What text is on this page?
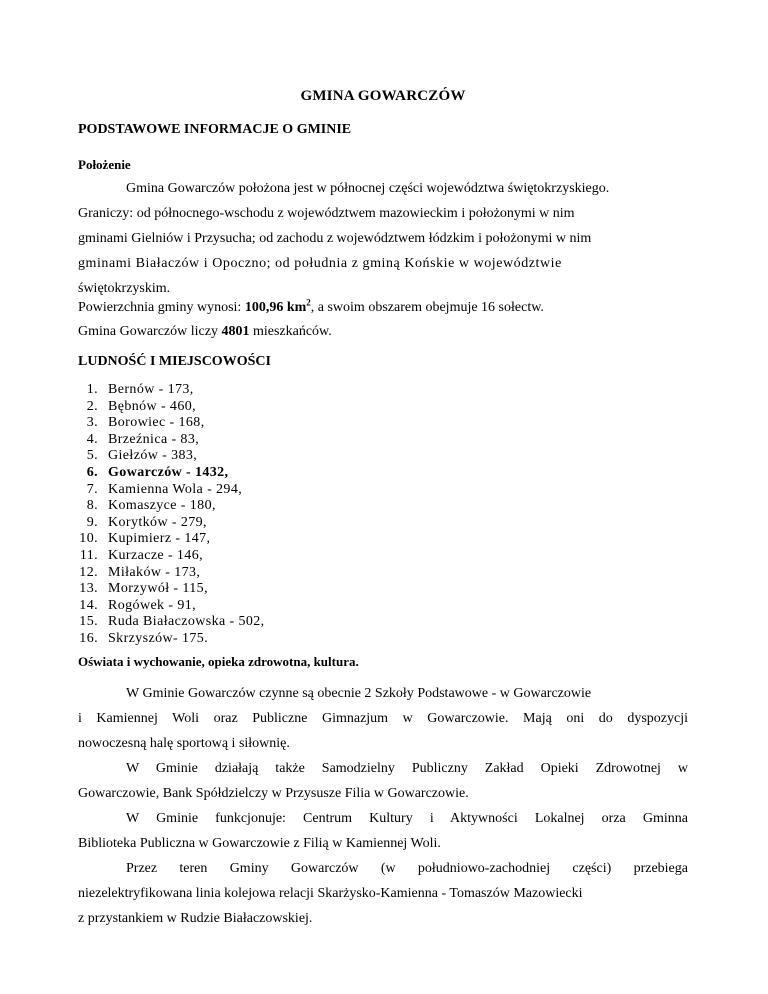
GMINA GOWARCZÓW
PODSTAWOWE INFORMACJE O GMINIE
Położenie
Gmina Gowarczów położona jest w północnej części województwa świętokrzyskiego.
Graniczy: od północnego-wschodu z województwem mazowieckim i położonymi w nim
gminami Gielniów i Przysucha; od zachodu z województwem łódzkim i położonymi w nim
gminami Białaczów i Opoczno; od południa z gminą Końskie w województwie
świętokrzyskim.
Powierzchnia gminy wynosi: 100,96 $km^2$, a swoim obszarem obejmuje 16 sołectw.
Gmina Gowarczów liczy 4801 mieszkańców.
LUDNOŚĆ I MIEJSCOWOŚCI
1. Bernów - 173,
2. Bębnów - 460,
3. Borowiec - 168,
4. Brzeźnica - 83,
5. Giełzów - 383,
6. Gowarczów - 1432,
7. Kamienna Wola - 294,
8. Komaszyce - 180,
9. Korytków - 279,
10. Kupimierz - 147,
11. Kurzacze - 146,
12. Miłaków - 173,
13. Morzywół - 115,
14. Rogówek - 91,
15. Ruda Białaczowska - 502,
16. Skrzyszów- 175.
Oświata i wychowanie, opieka zdrowotna, kultura.
W Gminie Gowarczów czynne są obecnie 2 Szkoły Podstawowe - w Gowarczowie
i Kamiennej Woli oraz Publiczne Gimnazjum w Gowarczowie. Mają oni do dyspozycji
nowoczesną halę sportową i siłownię.
W Gminie działają także Samodzielny Publiczny Zakład Opieki Zdrowotnej w
Gowarczowie, Bank Spółdzielczy w Przysusze Filia w Gowarczowie.
W Gminie funkcjonuje: Centrum Kultury i Aktywności Lokalnej orza Gminna
Biblioteka Publiczna w Gowarczowie z Filią w Kamiennej Woli.
Przez teren Gminy Gowarczów (w południowo-zachodniej części) przebiega
niezelektryfikowana linia kolejowa relacji Skarżysko-Kamienna - Tomaszów Mazowiecki
z przystankiem w Rudzie Białaczowskiej.
